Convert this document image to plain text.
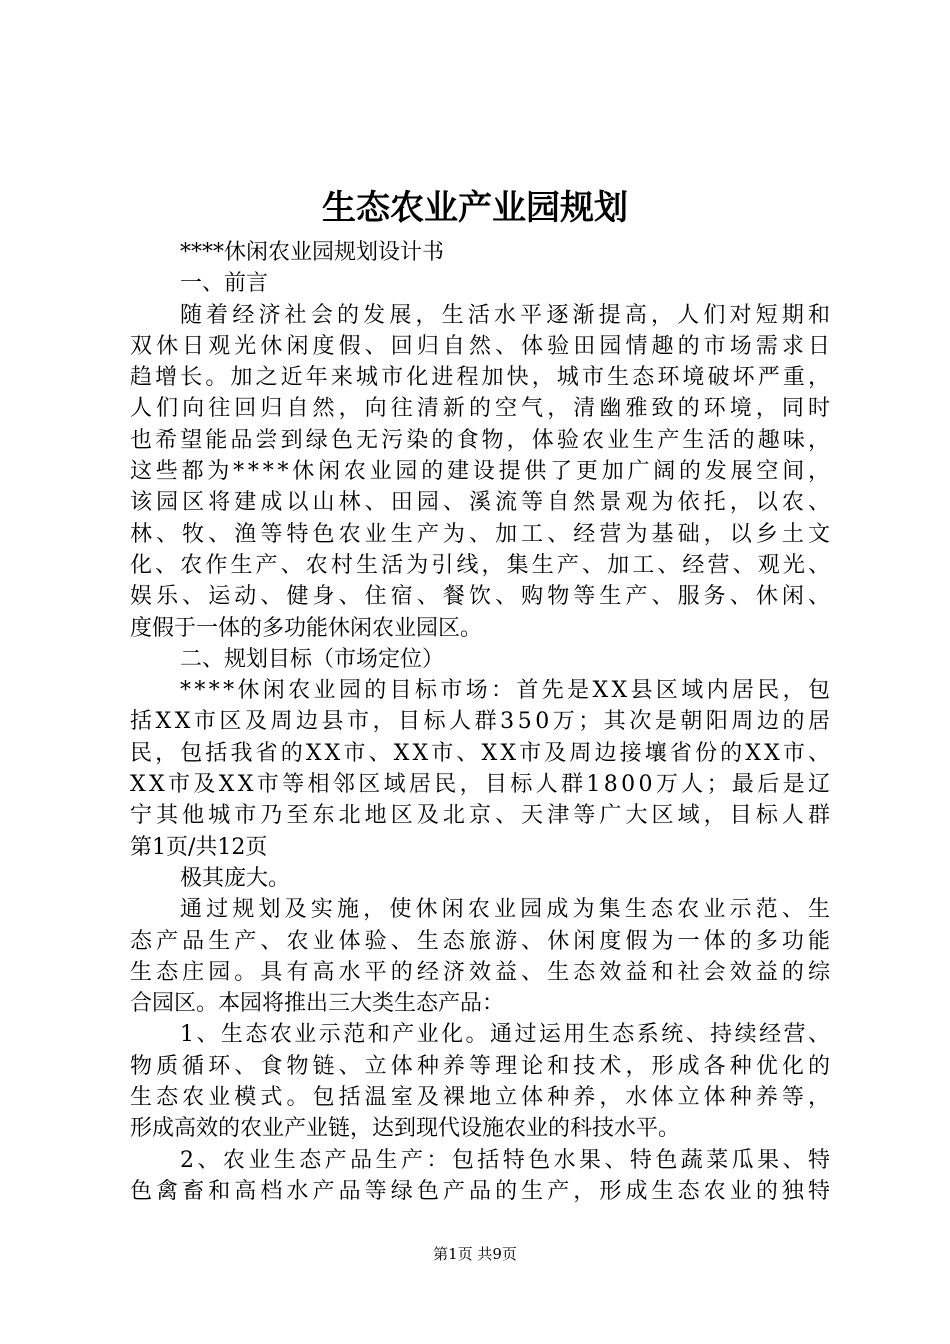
生态农业产业园规划
****休闲农业园规划设计书
一、前言
随着经济社会的发展，生活水平逐渐提高，人们对短期和
双休日观光休闲度假、回归自然、体验田园情趣的市场需求日
趋增长。加之近年来城市化进程加快，城市生态环境破坏严重，
人们向往回归自然，向往清新的空气，清幽雅致的环境，同时
也希望能品尝到绿色无污染的食物，体验农业生产生活的趣味，
这些都为****休闲农业园的建设提供了更加广阔的发展空间，
该园区将建成以山林、田园、溪流等自然景观为依托，以农、
林、牧、渔等特色农业生产为、加工、经营为基础，以乡土文
化、农作生产、农村生活为引线，集生产、加工、经营、观光、
娱乐、运动、健身、住宿、餐饮、购物等生产、服务、休闲、
度假于一体的多功能休闲农业园区。
二、规划目标（市场定位）
****休闲农业园的目标市场：首先是XX县区域内居民，包
括XX市区及周边县市，目标人群350万；其次是朝阳周边的居
民，包括我省的XX市、XX市、XX市及周边接壤省份的XX市、
XX市及XX市等相邻区域居民，目标人群1800万人；最后是辽
宁其他城市乃至东北地区及北京、天津等广大区域，目标人群
第1页/共12页
极其庞大。
通过规划及实施，使休闲农业园成为集生态农业示范、生
态产品生产、农业体验、生态旅游、休闲度假为一体的多功能
生态庄园。具有高水平的经济效益、生态效益和社会效益的综
合园区。本园将推出三大类生态产品：
1、生态农业示范和产业化。通过运用生态系统、持续经营、
物质循环、食物链、立体种养等理论和技术，形成各种优化的
生态农业模式。包括温室及裸地立体种养，水体立体种养等，
形成高效的农业产业链，达到现代设施农业的科技水平。
2、农业生态产品生产：包括特色水果、特色蔬菜瓜果、特
色禽畜和高档水产品等绿色产品的生产，形成生态农业的独特
第1页 共9页
